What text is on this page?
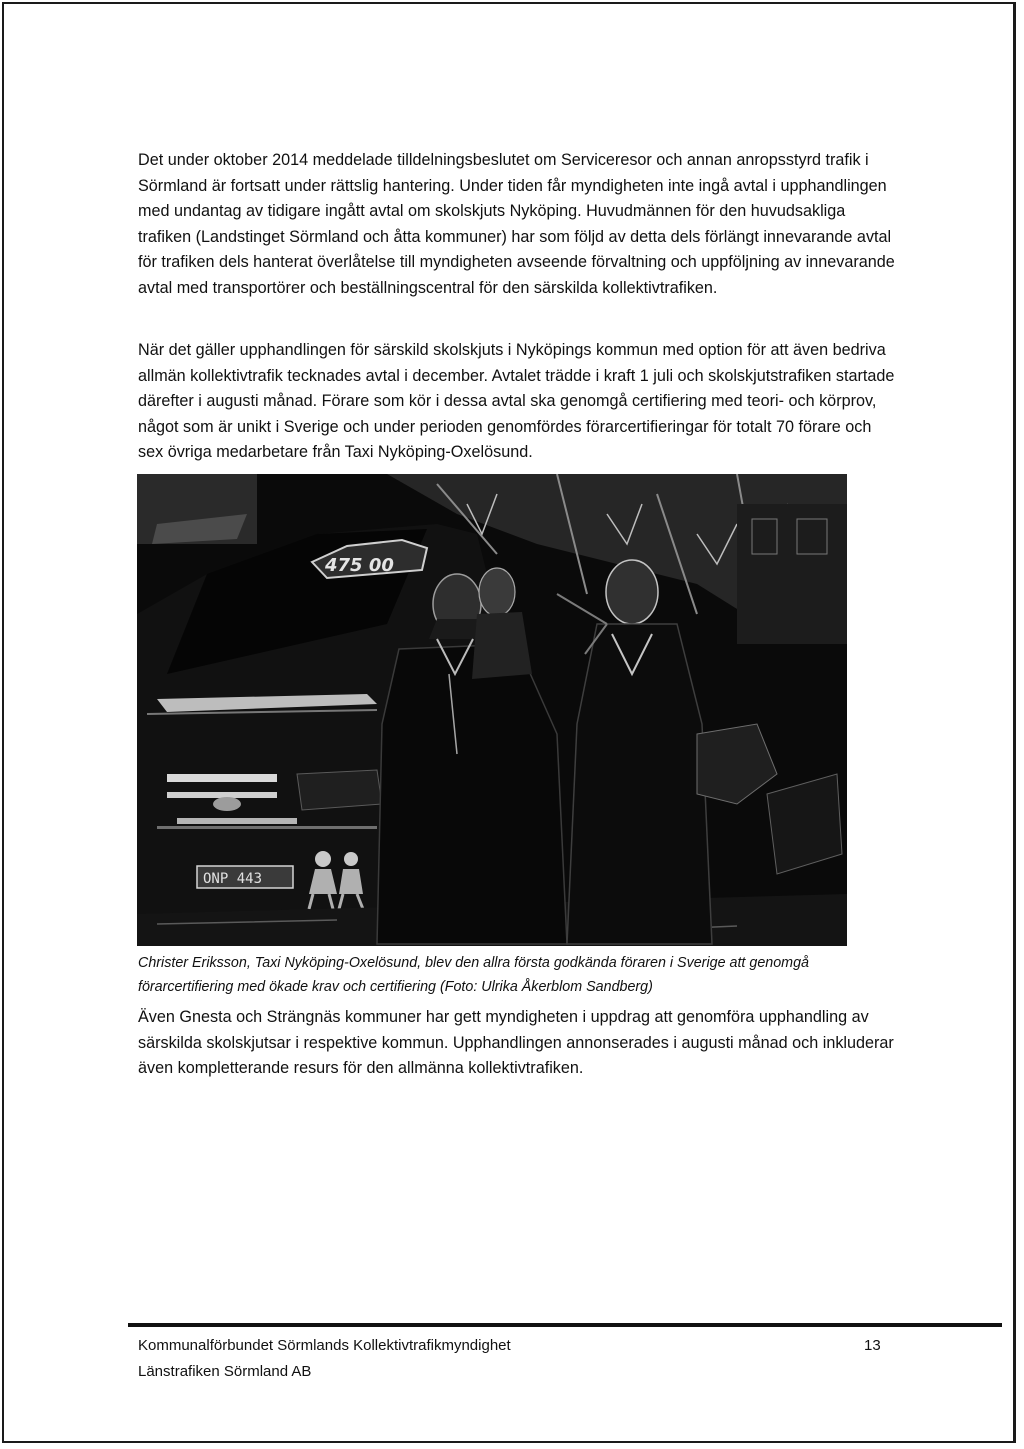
Det under oktober 2014 meddelade tilldelningsbeslutet om Serviceresor och annan anropsstyrd trafik i Sörmland är fortsatt under rättslig hantering. Under tiden får myndigheten inte ingå avtal i upphandlingen med undantag av tidigare ingått avtal om skolskjuts Nyköping. Huvudmännen för den huvudsakliga trafiken (Landstinget Sörmland och åtta kommuner) har som följd av detta dels förlängt innevarande avtal för trafiken dels hanterat överlåtelse till myndigheten avseende förvaltning och uppföljning av innevarande avtal med transportörer och beställningscentral för den särskilda kollektivtrafiken.

När det gäller upphandlingen för särskild skolskjuts i Nyköpings kommun med option för att även bedriva allmän kollektivtrafik tecknades avtal i december. Avtalet trädde i kraft 1 juli och skolskjutstrafiken startade därefter i augusti månad. Förare som kör i dessa avtal ska genomgå certifiering med teori- och körprov, något som är unikt i Sverige och under perioden genomfördes förarcertifieringar för totalt 70 förare och sex övriga medarbetare från Taxi Nyköping-Oxelösund.

475 00
ONP 443

Christer Eriksson, Taxi Nyköping-Oxelösund, blev den allra första godkända föraren i Sverige att genomgå förarcertifiering med ökade krav och certifiering (Foto: Ulrika Åkerblom Sandberg)

Även Gnesta och Strängnäs kommuner har gett myndigheten i uppdrag att genomföra upphandling av särskilda skolskjutsar i respektive kommun. Upphandlingen annonserades i augusti månad och inkluderar även kompletterande resurs för den allmänna kollektivtrafiken.

Kommunalförbundet Sörmlands Kollektivtrafikmyndighet
Länstrafiken Sörmland AB
13
